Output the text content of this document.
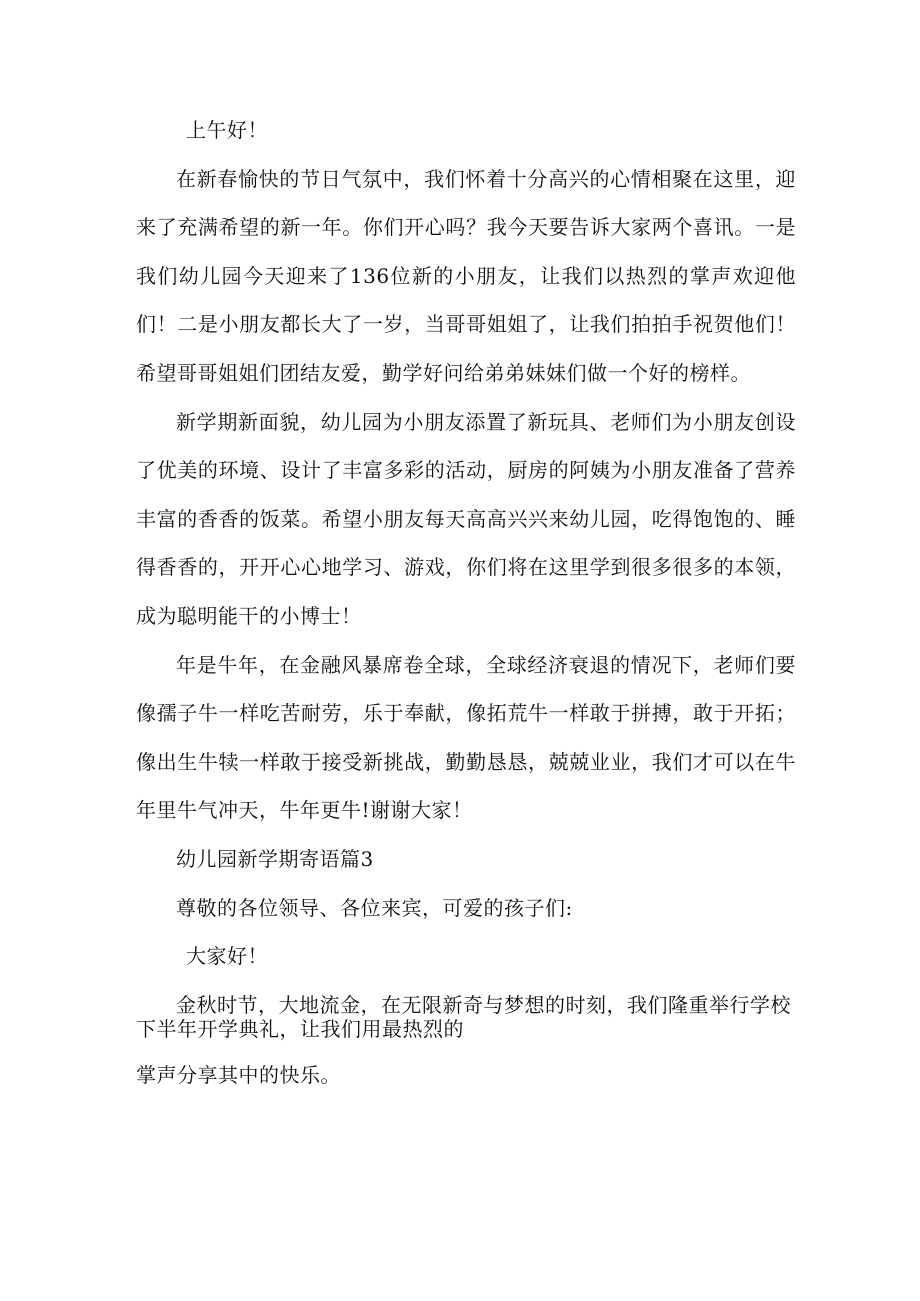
上午好！

在新春愉快的节日气氛中，我们怀着十分高兴的心情相聚在这里，迎来了充满希望的新一年。你们开心吗？我今天要告诉大家两个喜讯。一是我们幼儿园今天迎来了136位新的小朋友，让我们以热烈的掌声欢迎他们！二是小朋友都长大了一岁，当哥哥姐姐了，让我们拍拍手祝贺他们！希望哥哥姐姐们团结友爱，勤学好问给弟弟妹妹们做一个好的榜样。

新学期新面貌，幼儿园为小朋友添置了新玩具、老师们为小朋友创设了优美的环境、设计了丰富多彩的活动，厨房的阿姨为小朋友准备了营养丰富的香香的饭菜。希望小朋友每天高高兴兴来幼儿园，吃得饱饱的、睡得香香的，开开心心地学习、游戏，你们将在这里学到很多很多的本领，成为聪明能干的小博士！

年是牛年，在金融风暴席卷全球，全球经济衰退的情况下，老师们要像孺子牛一样吃苦耐劳，乐于奉献，像拓荒牛一样敢于拼搏，敢于开拓；像出生牛犊一样敢于接受新挑战，勤勤恳恳，兢兢业业，我们才可以在牛年里牛气冲天，牛年更牛!谢谢大家！

幼儿园新学期寄语篇3

尊敬的各位领导、各位来宾，可爱的孩子们:

大家好！

金秋时节，大地流金，在无限新奇与梦想的时刻，我们隆重举行学校下半年开学典礼，让我们用最热烈的

掌声分享其中的快乐。
